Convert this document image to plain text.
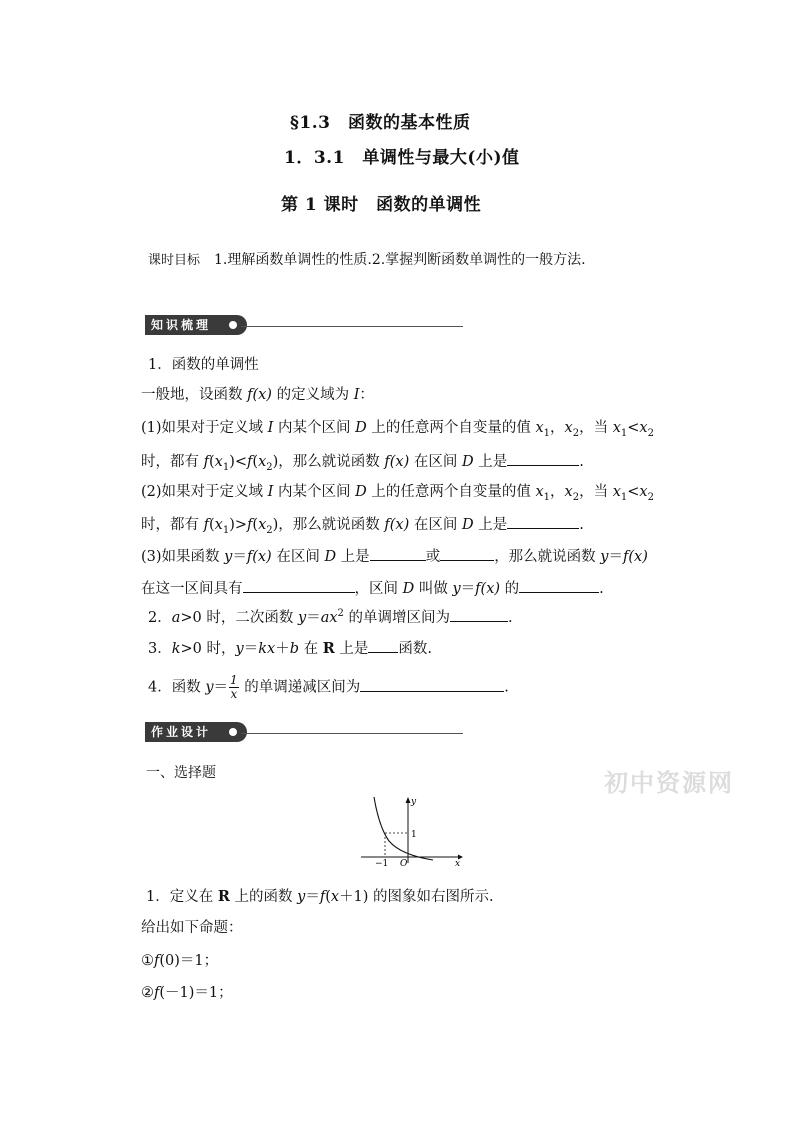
§1.3　函数的基本性质
1．3.1　单调性与最大(小)值
第 1 课时　函数的单调性
课时目标 1.理解函数单调性的性质.2.掌握判断函数单调性的一般方法.
知识梳理
1．函数的单调性
一般地，设函数 f(x) 的定义域为 I：
(1)如果对于定义域 I 内某个区间 D 上的任意两个自变量的值 $x_1$，$x_2$，当 $x_1<x_2$
时，都有 $f(x_1)<f(x_2)$，那么就说函数 f(x) 在区间 D 上是	.
(2)如果对于定义域 I 内某个区间 D 上的任意两个自变量的值 $x_1$，$x_2$，当 $x_1<x_2$
时，都有 $f(x_1)>f(x_2)$，那么就说函数 f(x) 在区间 D 上是	.
(3)如果函数 y＝f(x) 在区间 D 上是	或	，那么就说函数 y＝f(x)
在这一区间具有	，区间 D 叫做 y＝f(x) 的	.
2．a>0 时，二次函数 $y=ax^2$ 的单调增区间为	.
3．k>0 时，y＝kx＋b 在 R 上是 函数.
4．函数 $y= \frac{1}{x}$ 的单调递减区间为	.
作业设计
一、选择题	初中资源网
y
x
1
−1 O
1．定义在 R 上的函数 y＝f(x＋1) 的图象如右图所示.
给出如下命题：
①f(0)＝1；
②f(－1)＝1；
